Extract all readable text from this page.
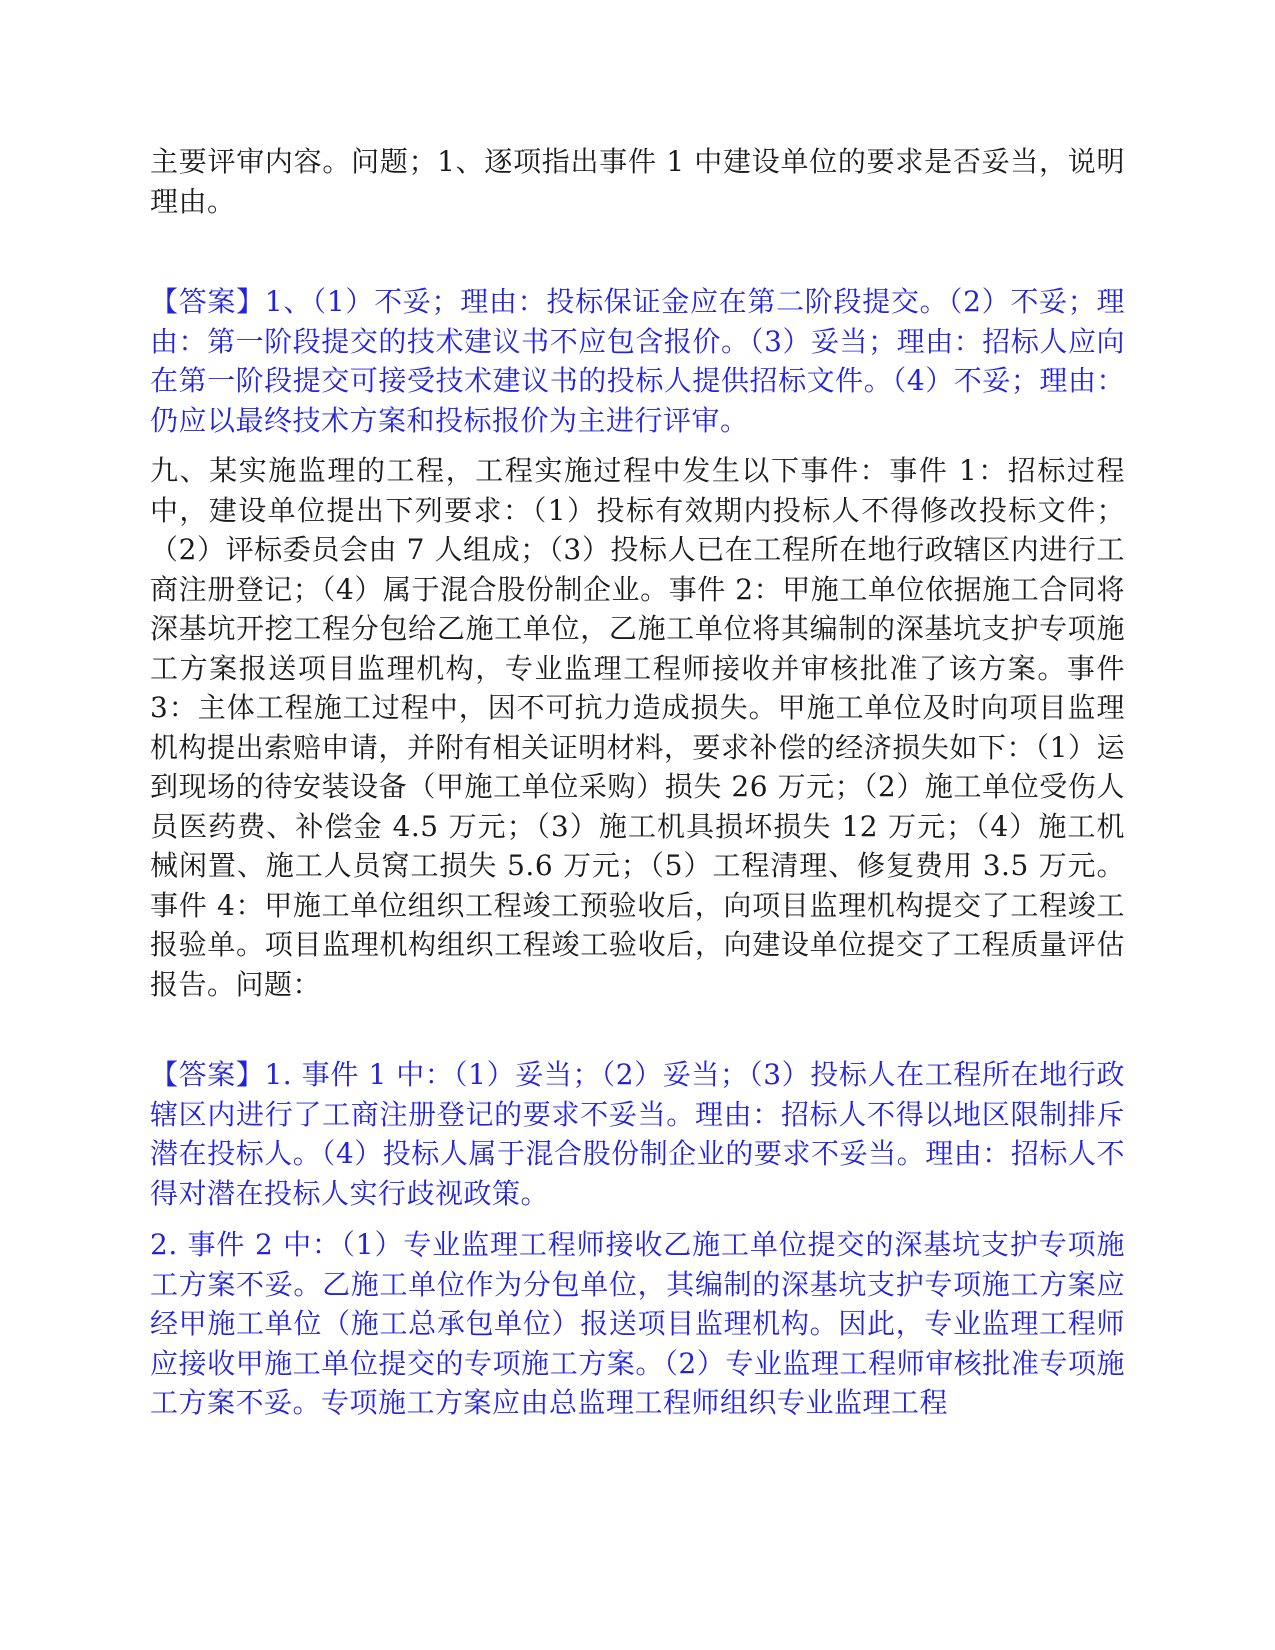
主要评审内容。问题；1、逐项指出事件 1 中建设单位的要求是否妥当，说明理由。

【答案】1、（1）不妥；理由：投标保证金应在第二阶段提交。（2）不妥；理由：第一阶段提交的技术建议书不应包含报价。（3）妥当；理由：招标人应向在第一阶段提交可接受技术建议书的投标人提供招标文件。（4）不妥；理由：仍应以最终技术方案和投标报价为主进行评审。

九、某实施监理的工程，工程实施过程中发生以下事件：事件 1：招标过程中，建设单位提出下列要求：（1）投标有效期内投标人不得修改投标文件；（2）评标委员会由 7 人组成；（3）投标人已在工程所在地行政辖区内进行工商注册登记；（4）属于混合股份制企业。事件 2：甲施工单位依据施工合同将深基坑开挖工程分包给乙施工单位，乙施工单位将其编制的深基坑支护专项施工方案报送项目监理机构，专业监理工程师接收并审核批准了该方案。事件 3：主体工程施工过程中，因不可抗力造成损失。甲施工单位及时向项目监理机构提出索赔申请，并附有相关证明材料，要求补偿的经济损失如下：（1）运到现场的待安装设备（甲施工单位采购）损失 26 万元；（2）施工单位受伤人员医药费、补偿金 4.5 万元；（3）施工机具损坏损失 12 万元；（4）施工机械闲置、施工人员窝工损失 5.6 万元；（5）工程清理、修复费用 3.5 万元。事件 4：甲施工单位组织工程竣工预验收后，向项目监理机构提交了工程竣工报验单。项目监理机构组织工程竣工验收后，向建设单位提交了工程质量评估报告。问题：

【答案】1. 事件 1 中：（1）妥当；（2）妥当；（3）投标人在工程所在地行政辖区内进行了工商注册登记的要求不妥当。理由：招标人不得以地区限制排斥潜在投标人。（4）投标人属于混合股份制企业的要求不妥当。理由：招标人不得对潜在投标人实行歧视政策。

2. 事件 2 中：（1）专业监理工程师接收乙施工单位提交的深基坑支护专项施工方案不妥。乙施工单位作为分包单位，其编制的深基坑支护专项施工方案应经甲施工单位（施工总承包单位）报送项目监理机构。因此，专业监理工程师应接收甲施工单位提交的专项施工方案。（2）专业监理工程师审核批准专项施工方案不妥。专项施工方案应由总监理工程师组织专业监理工程
